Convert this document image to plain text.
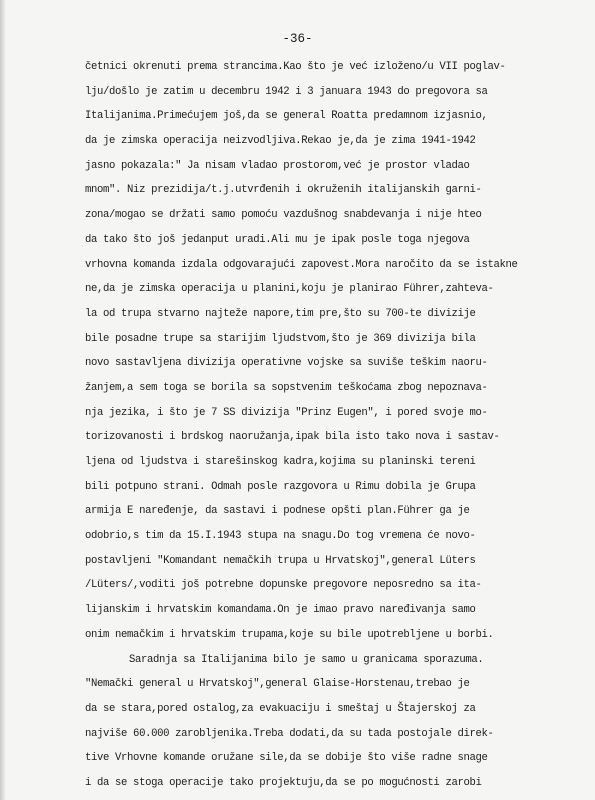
-36-

četnici okrenuti prema strancima.Kao što je već izloženo/u VII poglav-
lju/došlo je zatim u decembru 1942 i 3 januara 1943 do pregovora sa
Italijanima.Primećujem još,da se general Roatta predamnom izjasnio,
da je zimska operacija neizvodljiva.Rekao je,da je zima 1941-1942
jasno pokazala:" Ja nisam vladao prostorom,već je prostor vladao
mnom". Niz prezidija/t.j.utvrđenih i okruženih italijanskih garni-
zona/mogao se držati samo pomoću vazdušnog snabdevanja i nije hteo
da tako što još jedanput uradi.Ali mu je ipak posle toga njegova
vrhovna komanda izdala odgovarajući zapovest.Mora naročito da se istakne
ne,da je zimska operacija u planini,koju je planirao Führer,zahteva-
la od trupa stvarno najteže napore,tim pre,što su 700-te divizije
bile posadne trupe sa starijim ljudstvom,što je 369 divizija bila
novo sastavljena divizija operativne vojske sa suviše teškim naoru-
žanjem,a sem toga se borila sa sopstvenim teškoćama zbog nepoznava-
nja jezika, i što je 7 SS divizija "Prinz Eugen", i pored svoje mo-
torizovanosti i brdskog naoružanja,ipak bila isto tako nova i sastav-
ljena od ljudstva i starešinskog kadra,kojima su planinski tereni
bili potpuno strani. Odmah posle razgovora u Rimu dobila je Grupa
armija E naređenje, da sastavi i podnese opšti plan.Führer ga je
odobrio,s tim da 15.I.1943 stupa na snagu.Do tog vremena će novo-
postavljeni "Komandant nemačkih trupa u Hrvatskoj",general Lüters
/Lüters/,voditi još potrebne dopunske pregovore neposredno sa ita-
lijanskim i hrvatskim komandama.On je imao pravo naređivanja samo
onim nemačkim i hrvatskim trupama,koje su bile upotrebljene u borbi.
Saradnja sa Italijanima bilo je samo u granicama sporazuma.
"Nemački general u Hrvatskoj",general Glaise-Horstenau,trebao je
da se stara,pored ostalog,za evakuaciju i smeštaj u Štajerskoj za
najviše 60.000 zarobljenika.Treba dodati,da su tada postojale direk-
tive Vrhovne komande oružane sile,da se dobije što više radne snage
i da se stoga operacije tako projektuju,da se po mogućnosti zarobi
